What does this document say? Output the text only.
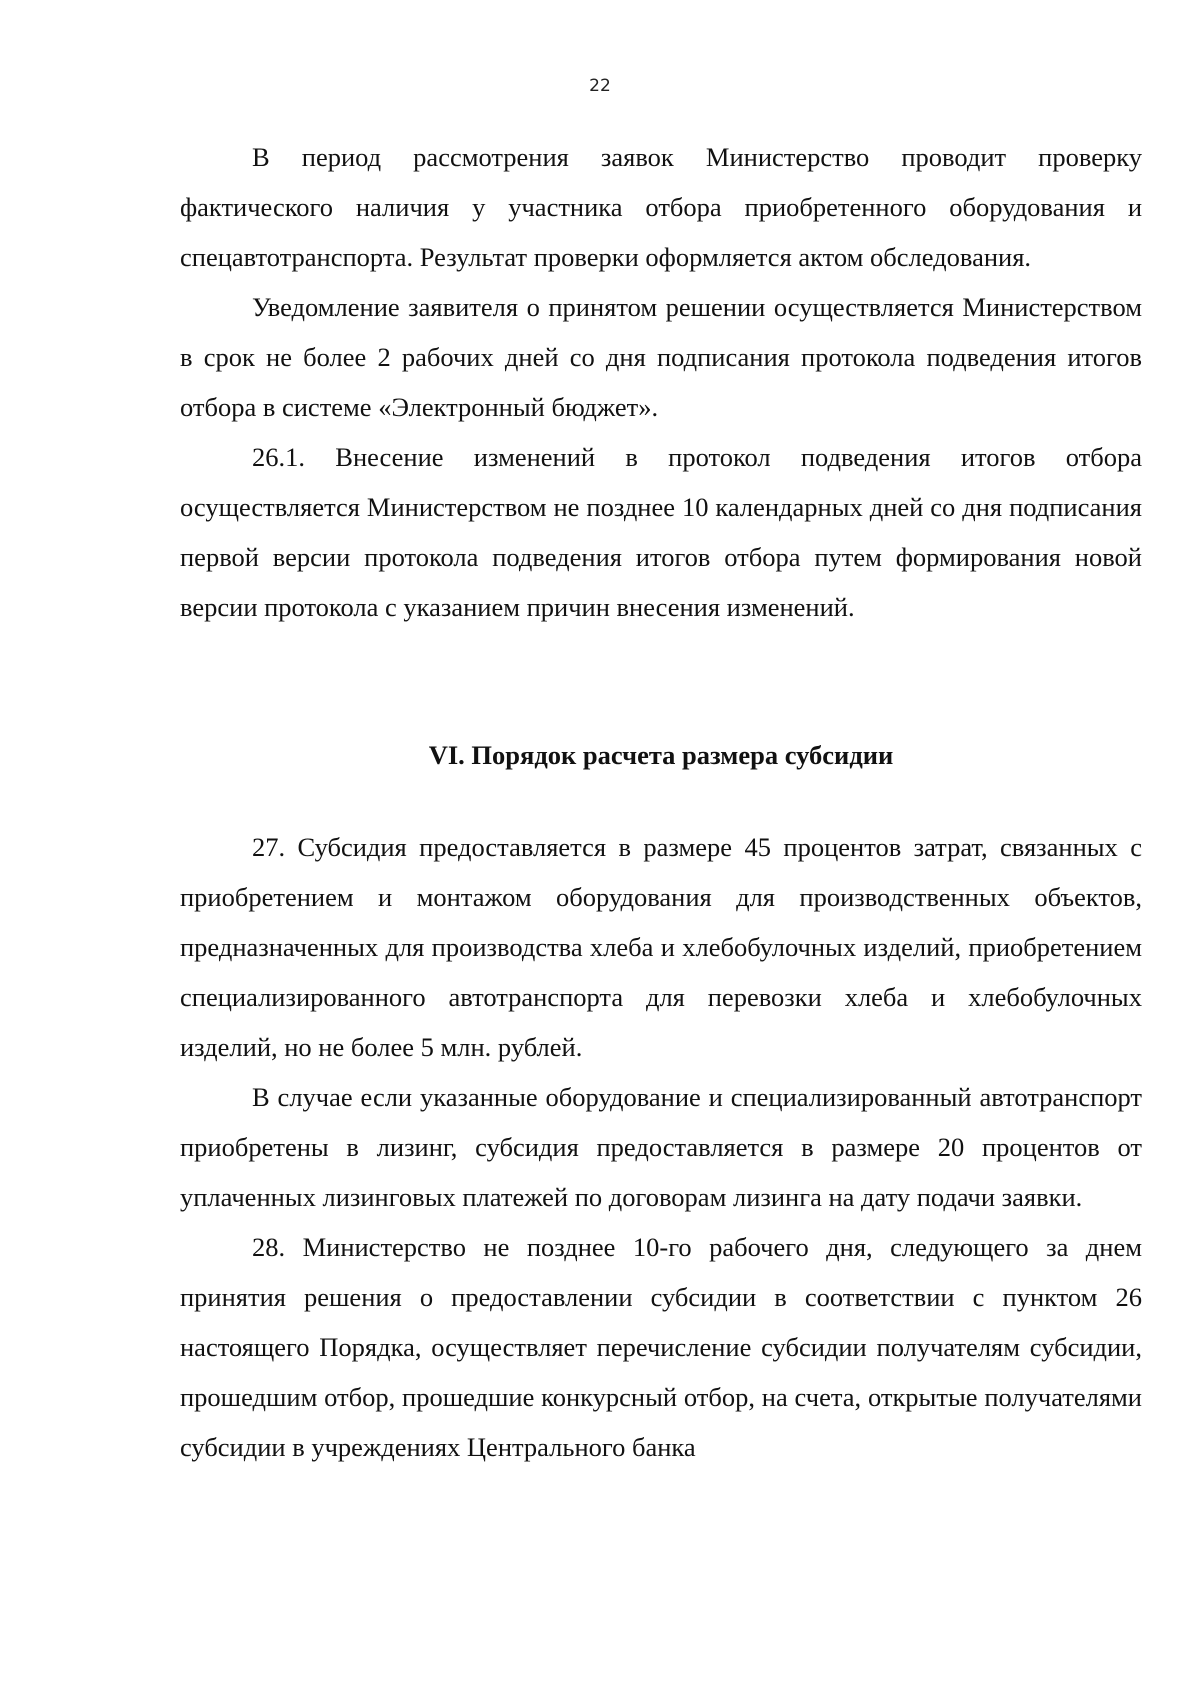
22

В период рассмотрения заявок Министерство проводит проверку фактического наличия у участника отбора приобретенного оборудования и спецавтотранспорта. Результат проверки оформляется актом обследования.

Уведомление заявителя о принятом решении осуществляется Министерством в срок не более 2 рабочих дней со дня подписания протокола подведения итогов отбора в системе «Электронный бюджет».

26.1. Внесение изменений в протокол подведения итогов отбора осуществляется Министерством не позднее 10 календарных дней со дня подписания первой версии протокола подведения итогов отбора путем формирования новой версии протокола с указанием причин внесения изменений.

VI. Порядок расчета размера субсидии

27. Субсидия предоставляется в размере 45 процентов затрат, связанных с приобретением и монтажом оборудования для производственных объектов, предназначенных для производства хлеба и хлебобулочных изделий, приобретением специализированного автотранспорта для перевозки хлеба и хлебобулочных изделий, но не более 5 млн. рублей.

В случае если указанные оборудование и специализированный автотранспорт приобретены в лизинг, субсидия предоставляется в размере 20 процентов от уплаченных лизинговых платежей по договорам лизинга на дату подачи заявки.

28. Министерство не позднее 10-го рабочего дня, следующего за днем принятия решения о предоставлении субсидии в соответствии с пунктом 26 настоящего Порядка, осуществляет перечисление субсидии получателям субсидии, прошедшим отбор, прошедшие конкурсный отбор, на счета, открытые получателями субсидии в учреждениях Центрального банка
